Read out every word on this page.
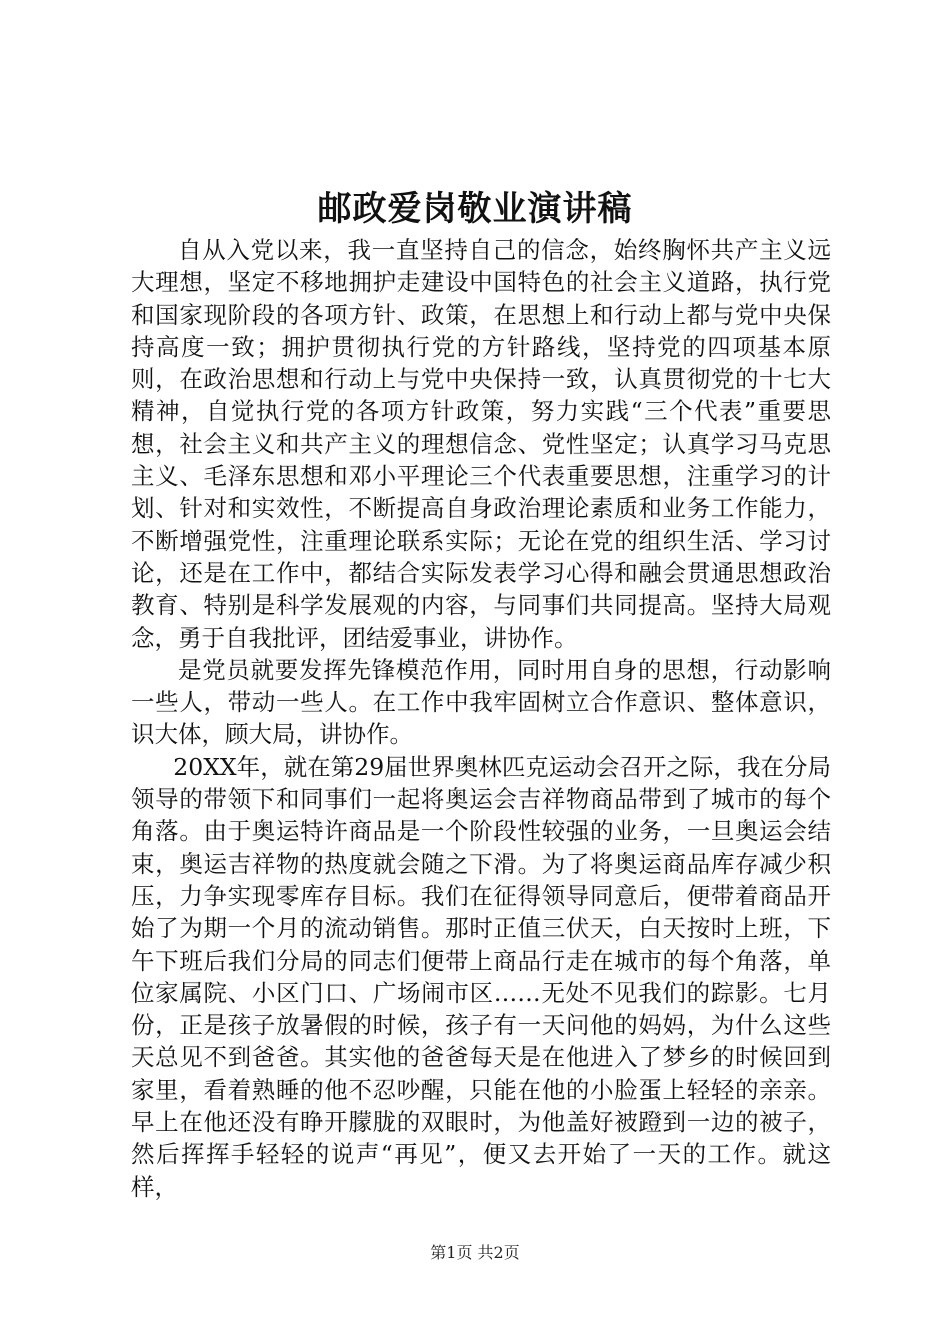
邮政爱岗敬业演讲稿

自从入党以来，我一直坚持自己的信念，始终胸怀共产主义远大理想，坚定不移地拥护走建设中国特色的社会主义道路，执行党和国家现阶段的各项方针、政策，在思想上和行动上都与党中央保持高度一致；拥护贯彻执行党的方针路线，坚持党的四项基本原则，在政治思想和行动上与党中央保持一致，认真贯彻党的十七大精神，自觉执行党的各项方针政策，努力实践“三个代表”重要思想，社会主义和共产主义的理想信念、党性坚定；认真学习马克思主义、毛泽东思想和邓小平理论三个代表重要思想，注重学习的计划、针对和实效性，不断提高自身政治理论素质和业务工作能力，不断增强党性，注重理论联系实际；无论在党的组织生活、学习讨论，还是在工作中，都结合实际发表学习心得和融会贯通思想政治教育、特别是科学发展观的内容，与同事们共同提高。坚持大局观念，勇于自我批评，团结爱事业，讲协作。

是党员就要发挥先锋模范作用，同时用自身的思想，行动影响一些人，带动一些人。在工作中我牢固树立合作意识、整体意识，识大体，顾大局，讲协作。

20XX年，就在第29届世界奥林匹克运动会召开之际，我在分局领导的带领下和同事们一起将奥运会吉祥物商品带到了城市的每个角落。由于奥运特许商品是一个阶段性较强的业务，一旦奥运会结束，奥运吉祥物的热度就会随之下滑。为了将奥运商品库存减少积压，力争实现零库存目标。我们在征得领导同意后，便带着商品开始了为期一个月的流动销售。那时正值三伏天，白天按时上班，下午下班后我们分局的同志们便带上商品行走在城市的每个角落，单位家属院、小区门口、广场闹市区……无处不见我们的踪影。七月份，正是孩子放暑假的时候，孩子有一天问他的妈妈，为什么这些天总见不到爸爸。其实他的爸爸每天是在他进入了梦乡的时候回到家里，看着熟睡的他不忍吵醒，只能在他的小脸蛋上轻轻的亲亲。早上在他还没有睁开朦胧的双眼时，为他盖好被蹬到一边的被子，然后挥挥手轻轻的说声“再见”，便又去开始了一天的工作。就这样，

第1页 共2页
